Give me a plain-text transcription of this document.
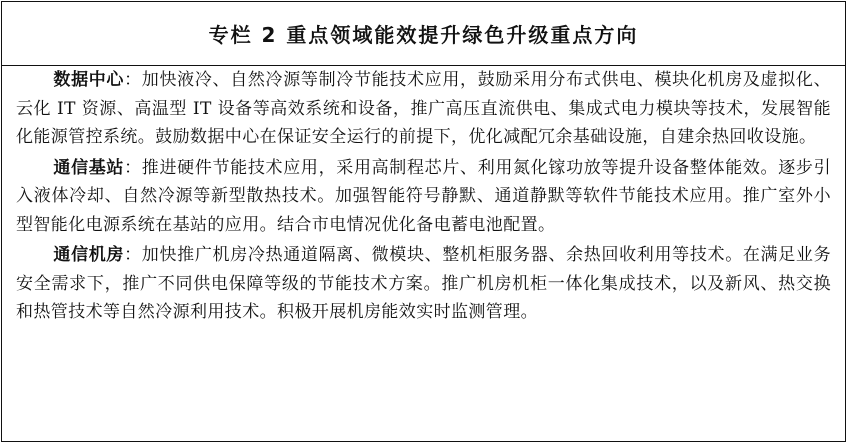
专栏 2 重点领域能效提升绿色升级重点方向

数据中心：加快液冷、自然冷源等制冷节能技术应用，鼓励采用分布式供电、模块化机房及虚拟化、云化 IT 资源、高温型 IT 设备等高效系统和设备，推广高压直流供电、集成式电力模块等技术，发展智能化能源管控系统。鼓励数据中心在保证安全运行的前提下，优化减配冗余基础设施，自建余热回收设施。

通信基站：推进硬件节能技术应用，采用高制程芯片、利用氮化镓功放等提升设备整体能效。逐步引入液体冷却、自然冷源等新型散热技术。加强智能符号静默、通道静默等软件节能技术应用。推广室外小型智能化电源系统在基站的应用。结合市电情况优化备电蓄电池配置。

通信机房：加快推广机房冷热通道隔离、微模块、整机柜服务器、余热回收利用等技术。在满足业务安全需求下，推广不同供电保障等级的节能技术方案。推广机房机柜一体化集成技术，以及新风、热交换和热管技术等自然冷源利用技术。积极开展机房能效实时监测管理。
